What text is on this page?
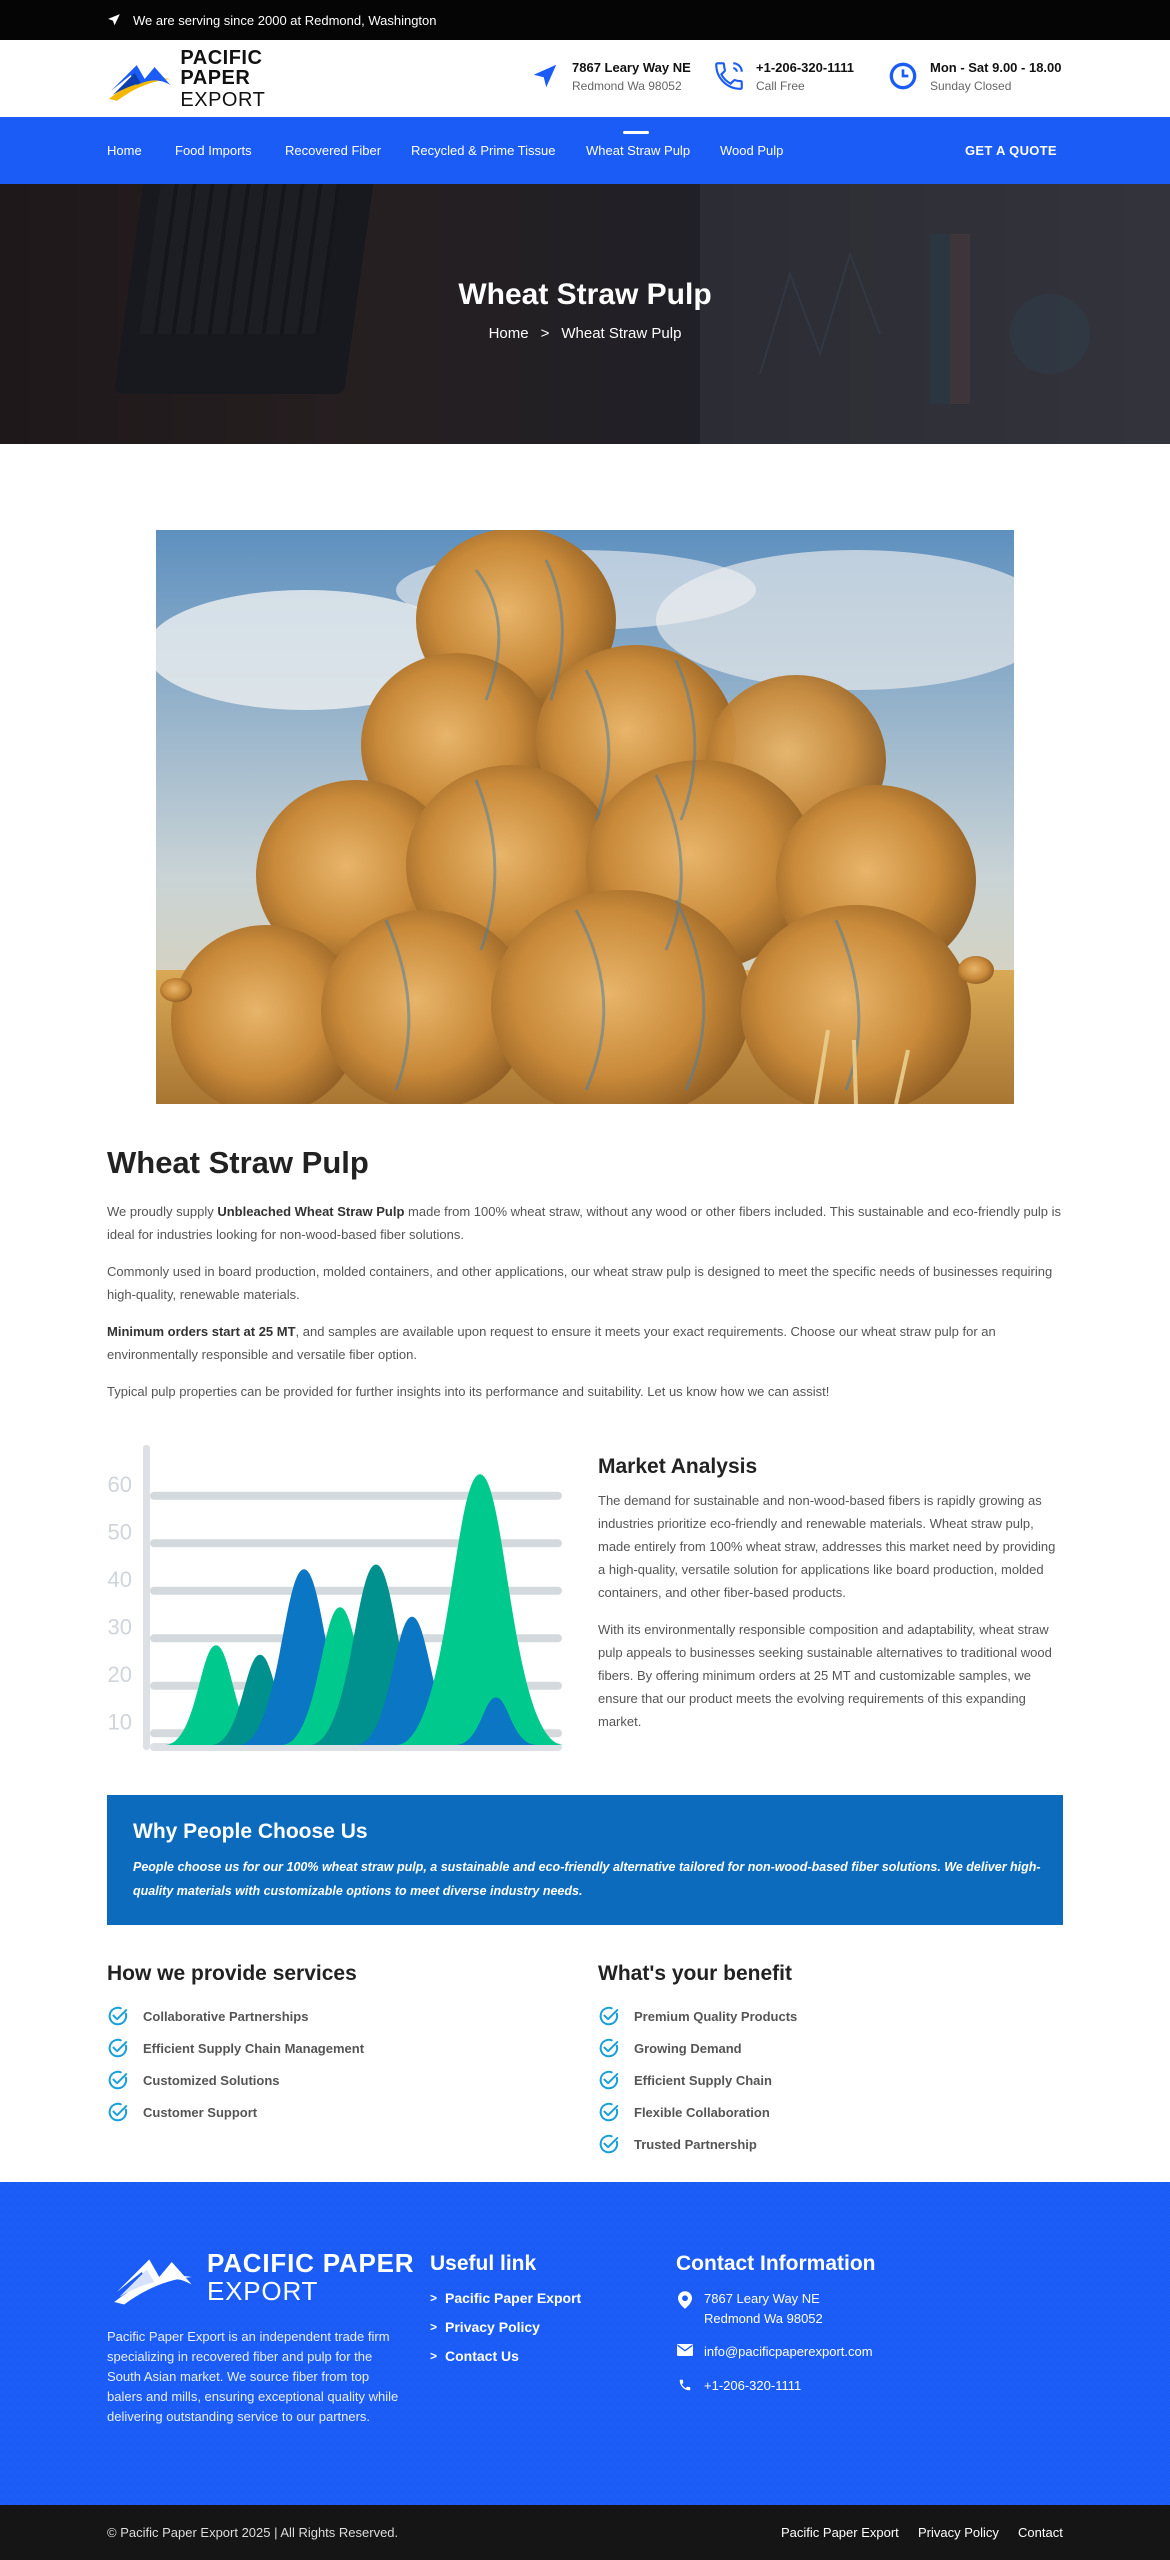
We are serving since 2000 at Redmond, Washington
PACIFIC PAPER
EXPORT
7867 Leary Way NE
Redmond Wa 98052
+1-206-320-1111
Call Free
Mon - Sat 9.00 - 18.00
Sunday Closed
Home	Food Imports	Recovered Fiber Recycled & Prime Tissue Wheat Straw Pulp Wood Pulp	GET A QUOTE
Wheat Straw Pulp
Home > Wheat Straw Pulp
Wheat Straw Pulp

We proudly supply Unbleached Wheat Straw Pulp made from 100% wheat straw, without any wood or other fibers included. This sustainable and eco-friendly pulp is ideal for industries looking for non-wood-based fiber solutions.

Commonly used in board production, molded containers, and other applications, our wheat straw pulp is designed to meet the specific needs of businesses requiring high-quality, renewable materials.

Minimum orders start at 25 MT, and samples are available upon request to ensure it meets your exact requirements. Choose our wheat straw pulp for an environmentally responsible and versatile fiber option.

Typical pulp properties can be provided for further insights into its performance and suitability. Let us know how we can assist!

60
50
40
30
20
10
Market Analysis

The demand for sustainable and non-wood-based fibers is rapidly growing as industries prioritize eco-friendly and renewable materials. Wheat straw pulp, made entirely from 100% wheat straw, addresses this market need by providing a high-quality, versatile solution for applications like board production, molded containers, and other fiber-based products.

With its environmentally responsible composition and adaptability, wheat straw pulp appeals to businesses seeking sustainable alternatives to traditional wood fibers. By offering minimum orders at 25 MT and customizable samples, we ensure that our product meets the evolving requirements of this expanding market.

Why People Choose Us

People choose us for our 100% wheat straw pulp, a sustainable and eco-friendly alternative tailored for non-wood-based fiber solutions. We deliver high-quality materials with customizable options to meet diverse industry needs.

How we provide services
Collaborative Partnerships
Efficient Supply Chain Management
Customized Solutions
Customer Support
What's your benefit
Premium Quality Products
Growing Demand
Efficient Supply Chain
Flexible Collaboration
Trusted Partnership
PACIFIC PAPER
EXPORT

Pacific Paper Export is an independent trade firm specializing in recovered fiber and pulp for the South Asian market. We source fiber from top balers and mills, ensuring exceptional quality while delivering outstanding service to our partners.

Useful link
> Pacific Paper Export
> Privacy Policy
> Contact Us
Contact Information
7867 Leary Way NE
Redmond Wa 98052
info@pacificpaperexport.com
+1-206-320-1111
© Pacific Paper Export 2025 | All Rights Reserved.	Pacific Paper Export Privacy Policy Contact
